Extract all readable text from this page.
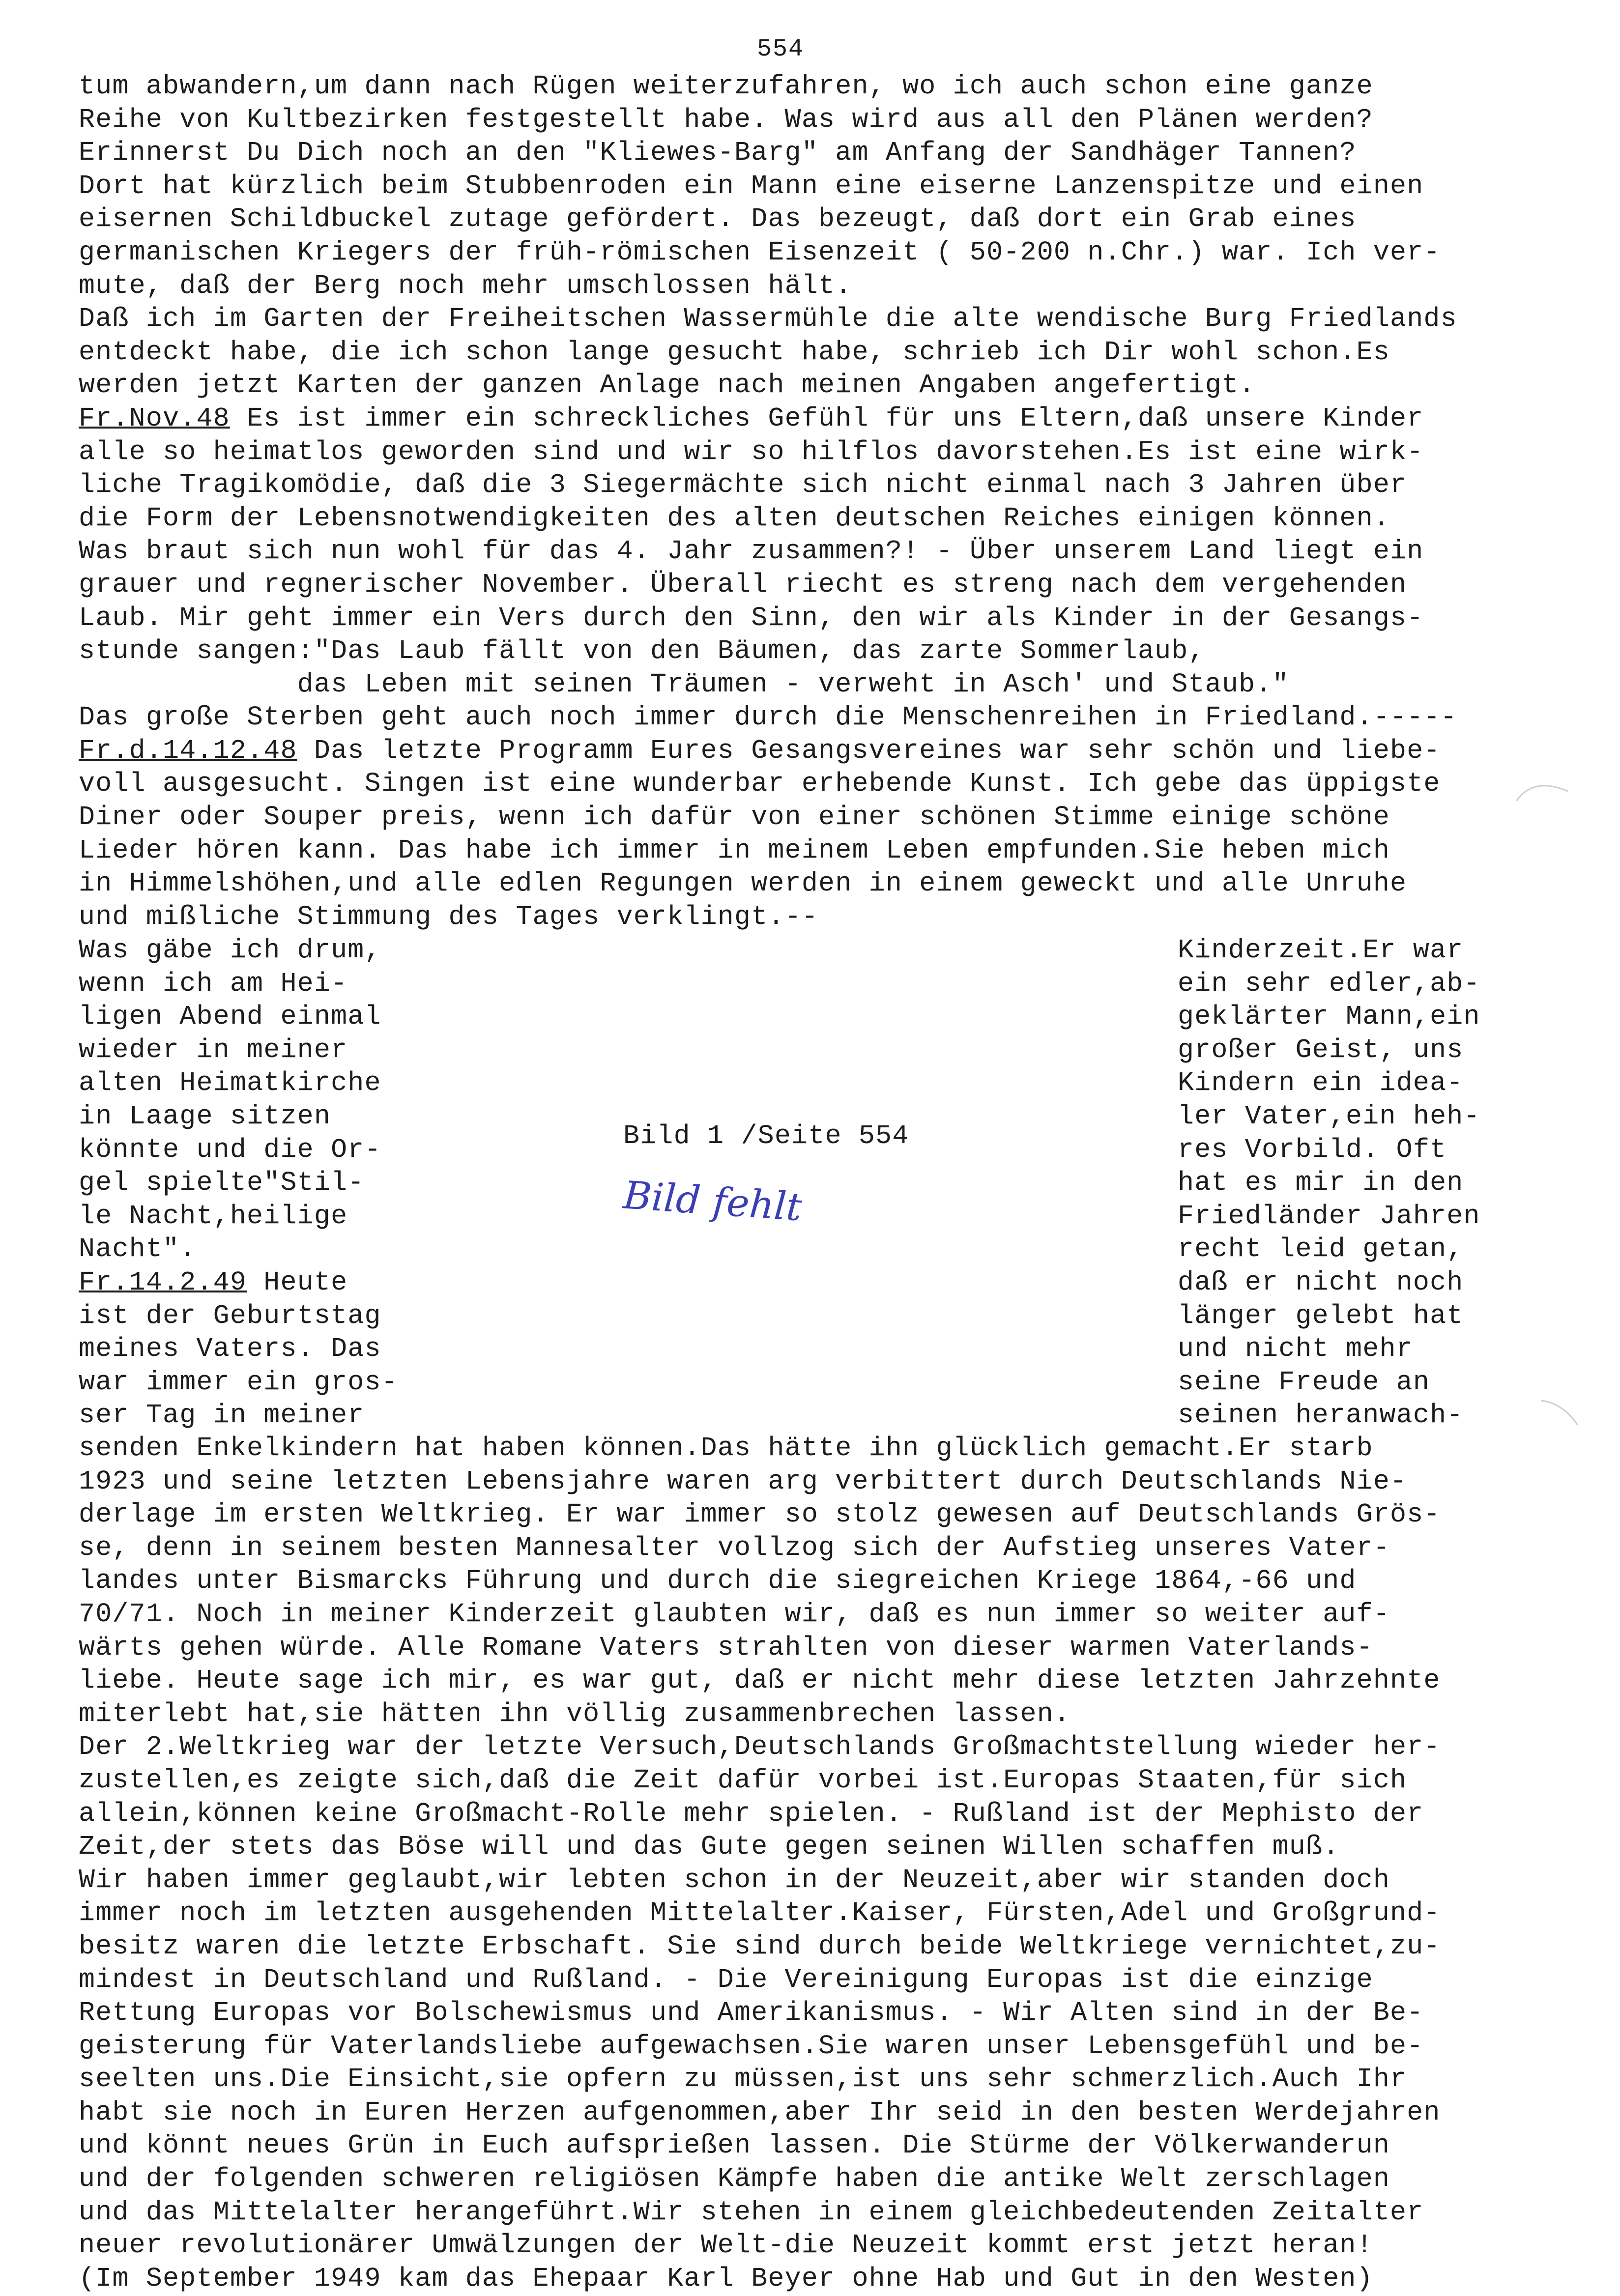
554
tum abwandern,um dann nach Rügen weiterzufahren, wo ich auch schon eine ganze
Reihe von Kultbezirken festgestellt habe. Was wird aus all den Plänen werden?
Erinnerst Du Dich noch an den "Kliewes-Barg" am Anfang der Sandhäger Tannen?
Dort hat kürzlich beim Stubbenroden ein Mann eine eiserne Lanzenspitze und einen
eisernen Schildbuckel zutage gefördert. Das bezeugt, daß dort ein Grab eines
germanischen Kriegers der früh-römischen Eisenzeit ( 50-200 n.Chr.) war. Ich ver-
mute, daß der Berg noch mehr umschlossen hält.
Daß ich im Garten der Freiheitschen Wassermühle die alte wendische Burg Friedlands
entdeckt habe, die ich schon lange gesucht habe, schrieb ich Dir wohl schon.Es
werden jetzt Karten der ganzen Anlage nach meinen Angaben angefertigt.
Fr.Nov.48 Es ist immer ein schreckliches Gefühl für uns Eltern,daß unsere Kinder
alle so heimatlos geworden sind und wir so hilflos davorstehen.Es ist eine wirk-
liche Tragikomödie, daß die 3 Siegermächte sich nicht einmal nach 3 Jahren über
die Form der Lebensnotwendigkeiten des alten deutschen Reiches einigen können.
Was braut sich nun wohl für das 4. Jahr zusammen?! - Über unserem Land liegt ein
grauer und regnerischer November. Überall riecht es streng nach dem vergehenden
Laub. Mir geht immer ein Vers durch den Sinn, den wir als Kinder in der Gesangs-
stunde sangen:"Das Laub fällt von den Bäumen, das zarte Sommerlaub,
das Leben mit seinen Träumen - verweht in Asch' und Staub."
Das große Sterben geht auch noch immer durch die Menschenreihen in Friedland.-----
Fr.d.14.12.48 Das letzte Programm Eures Gesangsvereines war sehr schön und liebe-
voll ausgesucht. Singen ist eine wunderbar erhebende Kunst. Ich gebe das üppigste
Diner oder Souper preis, wenn ich dafür von einer schönen Stimme einige schöne
Lieder hören kann. Das habe ich immer in meinem Leben empfunden.Sie heben mich
in Himmelshöhen,und alle edlen Regungen werden in einem geweckt und alle Unruhe
und mißliche Stimmung des Tages verklingt.--
Was gäbe ich drum,
wenn ich am Hei-
ligen Abend einmal
wieder in meiner
alten Heimatkirche
in Laage sitzen
könnte und die Or-
gel spielte"Stil-
le Nacht,heilige
Nacht".
Fr.14.2.49 Heute
ist der Geburtstag
meines Vaters. Das
war immer ein gros-
ser Tag in meiner
Bild 1 /Seite 554
Bild fehlt
Kinderzeit.Er war
ein sehr edler,ab-
geklärter Mann,ein
großer Geist, uns
Kindern ein idea-
ler Vater,ein heh-
res Vorbild. Oft
hat es mir in den
Friedländer Jahren
recht leid getan,
daß er nicht noch
länger gelebt hat
und nicht mehr
seine Freude an
seinen heranwach-
senden Enkelkindern hat haben können.Das hätte ihn glücklich gemacht.Er starb
1923 und seine letzten Lebensjahre waren arg verbittert durch Deutschlands Nie-
derlage im ersten Weltkrieg. Er war immer so stolz gewesen auf Deutschlands Grös-
se, denn in seinem besten Mannesalter vollzog sich der Aufstieg unseres Vater-
landes unter Bismarcks Führung und durch die siegreichen Kriege 1864,-66 und
70/71. Noch in meiner Kinderzeit glaubten wir, daß es nun immer so weiter auf-
wärts gehen würde. Alle Romane Vaters strahlten von dieser warmen Vaterlands-
liebe. Heute sage ich mir, es war gut, daß er nicht mehr diese letzten Jahrzehnte
miterlebt hat,sie hätten ihn völlig zusammenbrechen lassen.
Der 2.Weltkrieg war der letzte Versuch,Deutschlands Großmachtstellung wieder her-
zustellen,es zeigte sich,daß die Zeit dafür vorbei ist.Europas Staaten,für sich
allein,können keine Großmacht-Rolle mehr spielen. - Rußland ist der Mephisto der
Zeit,der stets das Böse will und das Gute gegen seinen Willen schaffen muß.
Wir haben immer geglaubt,wir lebten schon in der Neuzeit,aber wir standen doch
immer noch im letzten ausgehenden Mittelalter.Kaiser, Fürsten,Adel und Großgrund-
besitz waren die letzte Erbschaft. Sie sind durch beide Weltkriege vernichtet,zu-
mindest in Deutschland und Rußland. - Die Vereinigung Europas ist die einzige
Rettung Europas vor Bolschewismus und Amerikanismus. - Wir Alten sind in der Be-
geisterung für Vaterlandsliebe aufgewachsen.Sie waren unser Lebensgefühl und be-
seelten uns.Die Einsicht,sie opfern zu müssen,ist uns sehr schmerzlich.Auch Ihr
habt sie noch in Euren Herzen aufgenommen,aber Ihr seid in den besten Werdejahren
und könnt neues Grün in Euch aufsprießen lassen. Die Stürme der Völkerwanderun
und der folgenden schweren religiösen Kämpfe haben die antike Welt zerschlagen
und das Mittelalter herangeführt.Wir stehen in einem gleichbedeutenden Zeitalter
neuer revolutionärer Umwälzungen der Welt-die Neuzeit kommt erst jetzt heran!
(Im September 1949 kam das Ehepaar Karl Beyer ohne Hab und Gut in den Westen)
